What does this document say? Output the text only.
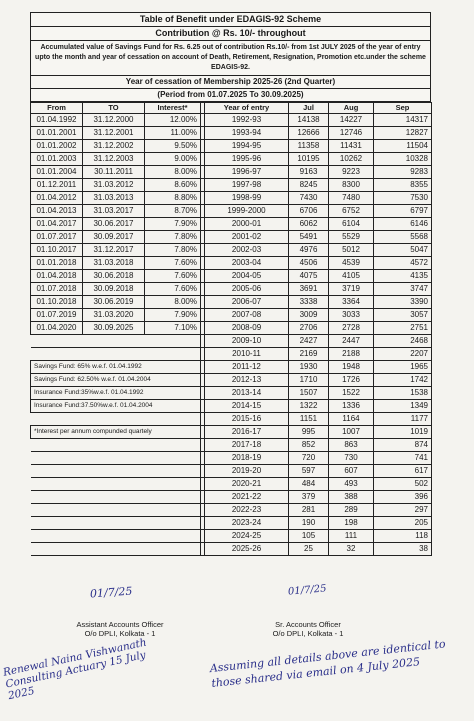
Table of Benefit under EDAGIS-92 Scheme
Contribution @ Rs. 10/- throughout
Accumulated value of Savings Fund for Rs. 6.25 out of contribution Rs.10/- from 1st JULY 2025 of the year of entry upto the month and year of cessation on account of Death, Retirement, Resignation, Promotion etc.under the scheme EDAGIS-92.
Year of cessation of Membership 2025-26 (2nd Quarter)
(Period from 01.07.2025 To 30.09.2025)
From	TO	Interest*		Year of entry	Jul	Aug	Sep
01.04.1992	31.12.2000	12.00%		1992-93	14138	14227	14317
01.01.2001	31.12.2001	11.00%		1993-94	12666	12746	12827
01.01.2002	31.12.2002	9.50%		1994-95	11358	11431	11504
01.01.2003	31.12.2003	9.00%		1995-96	10195	10262	10328
01.01.2004	30.11.2011	8.00%		1996-97	9163	9223	9283
01.12.2011	31.03.2012	8.60%		1997-98	8245	8300	8355
01.04.2012	31.03.2013	8.80%		1998-99	7430	7480	7530
01.04.2013	31.03.2017	8.70%		1999-2000	6706	6752	6797
01.04.2017	30.06.2017	7.90%		2000-01	6062	6104	6146
01.07.2017	30.09.2017	7.80%		2001-02	5491	5529	5568
01.10.2017	31.12.2017	7.80%		2002-03	4976	5012	5047
01.01.2018	31.03.2018	7.60%		2003-04	4506	4539	4572
01.04.2018	30.06.2018	7.60%		2004-05	4075	4105	4135
01.07.2018	30.09.2018	7.60%		2005-06	3691	3719	3747
01.10.2018	30.06.2019	8.00%		2006-07	3338	3364	3390
01.07.2019	31.03.2020	7.90%		2007-08	3009	3033	3057
01.04.2020	30.09.2025	7.10%		2008-09	2706	2728	2751
				2009-10	2427	2447	2468
				2010-11	2169	2188	2207
Savings Fund: 65% w.e.f. 01.04.1992				2011-12	1930	1948	1965
Savings Fund: 62.50% w.e.f. 01.04.2004				2012-13	1710	1726	1742
Insurance Fund:35%w.e.f. 01.04.1992				2013-14	1507	1522	1538
Insurance Fund:37.50%w.e.f. 01.04.2004				2014-15	1322	1336	1349
				2015-16	1151	1164	1177
*Interest per annum compunded quartely				2016-17	995	1007	1019
				2017-18	852	863	874
				2018-19	720	730	741
				2019-20	597	607	617
				2020-21	484	493	502
				2021-22	379	388	396
				2022-23	281	289	297
				2023-24	190	198	205
				2024-25	105	111	118
				2025-26	25	32	38
Assistant Accounts Officer
O/o DPLI, Kolkata - 1
Sr. Accounts Officer
O/o DPLI, Kolkata - 1
01/7/25	01/7/25
Renewal Naina Vishwanath Consulting Actuary 15 July 2025
Assuming all details above are identical to those shared via email on 4 July 2025
